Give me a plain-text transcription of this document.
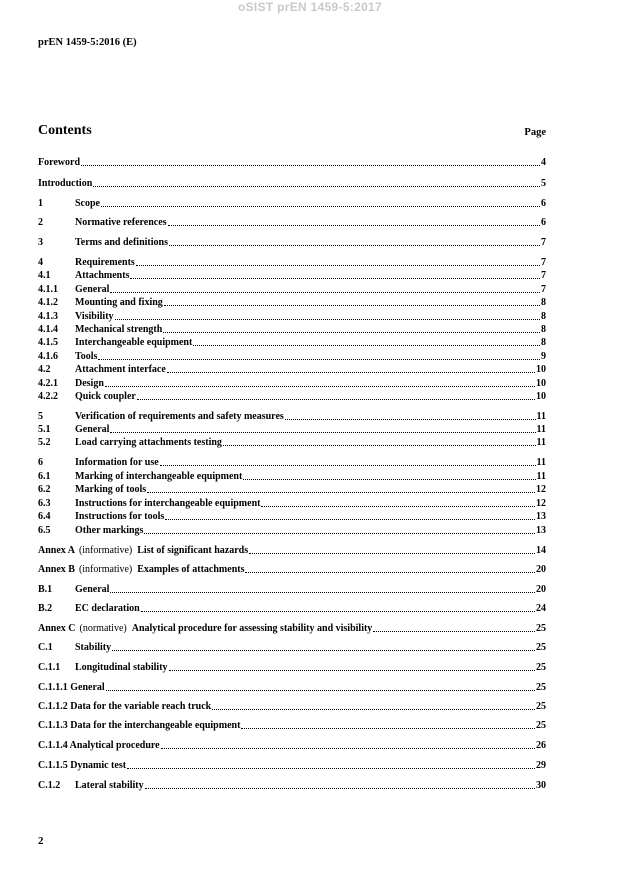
oSIST prEN 1459-5:2017
prEN 1459-5:2016 (E)
Contents	Page
Foreword	4
Introduction	5
1	Scope	6
2	Normative references	6
3	Terms and definitions	7
4	Requirements	7
4.1	Attachments	7
4.1.1	General	7
4.1.2	Mounting and fixing	8
4.1.3	Visibility	8
4.1.4	Mechanical strength	8
4.1.5	Interchangeable equipment	8
4.1.6	Tools	9
4.2	Attachment interface	10
4.2.1	Design	10
4.2.2	Quick coupler	10
5	Verification of requirements and safety measures	11
5.1	General	11
5.2	Load carrying attachments testing	11
6	Information for use	11
6.1	Marking of interchangeable equipment	11
6.2	Marking of tools	12
6.3	Instructions for interchangeable equipment	12
6.4	Instructions for tools	13
6.5	Other markings	13
Annex A (informative) List of significant hazards	14
Annex B (informative) Examples of attachments	20
B.1	General	20
B.2	EC declaration	24
Annex C (normative) Analytical procedure for assessing stability and visibility	25
C.1	Stability	25
C.1.1	Longitudinal stability	25
C.1.1.1 General	25
C.1.1.2 Data for the variable reach truck	25
C.1.1.3 Data for the interchangeable equipment	25
C.1.1.4 Analytical procedure	26
C.1.1.5 Dynamic test	29
C.1.2	Lateral stability	30
2
